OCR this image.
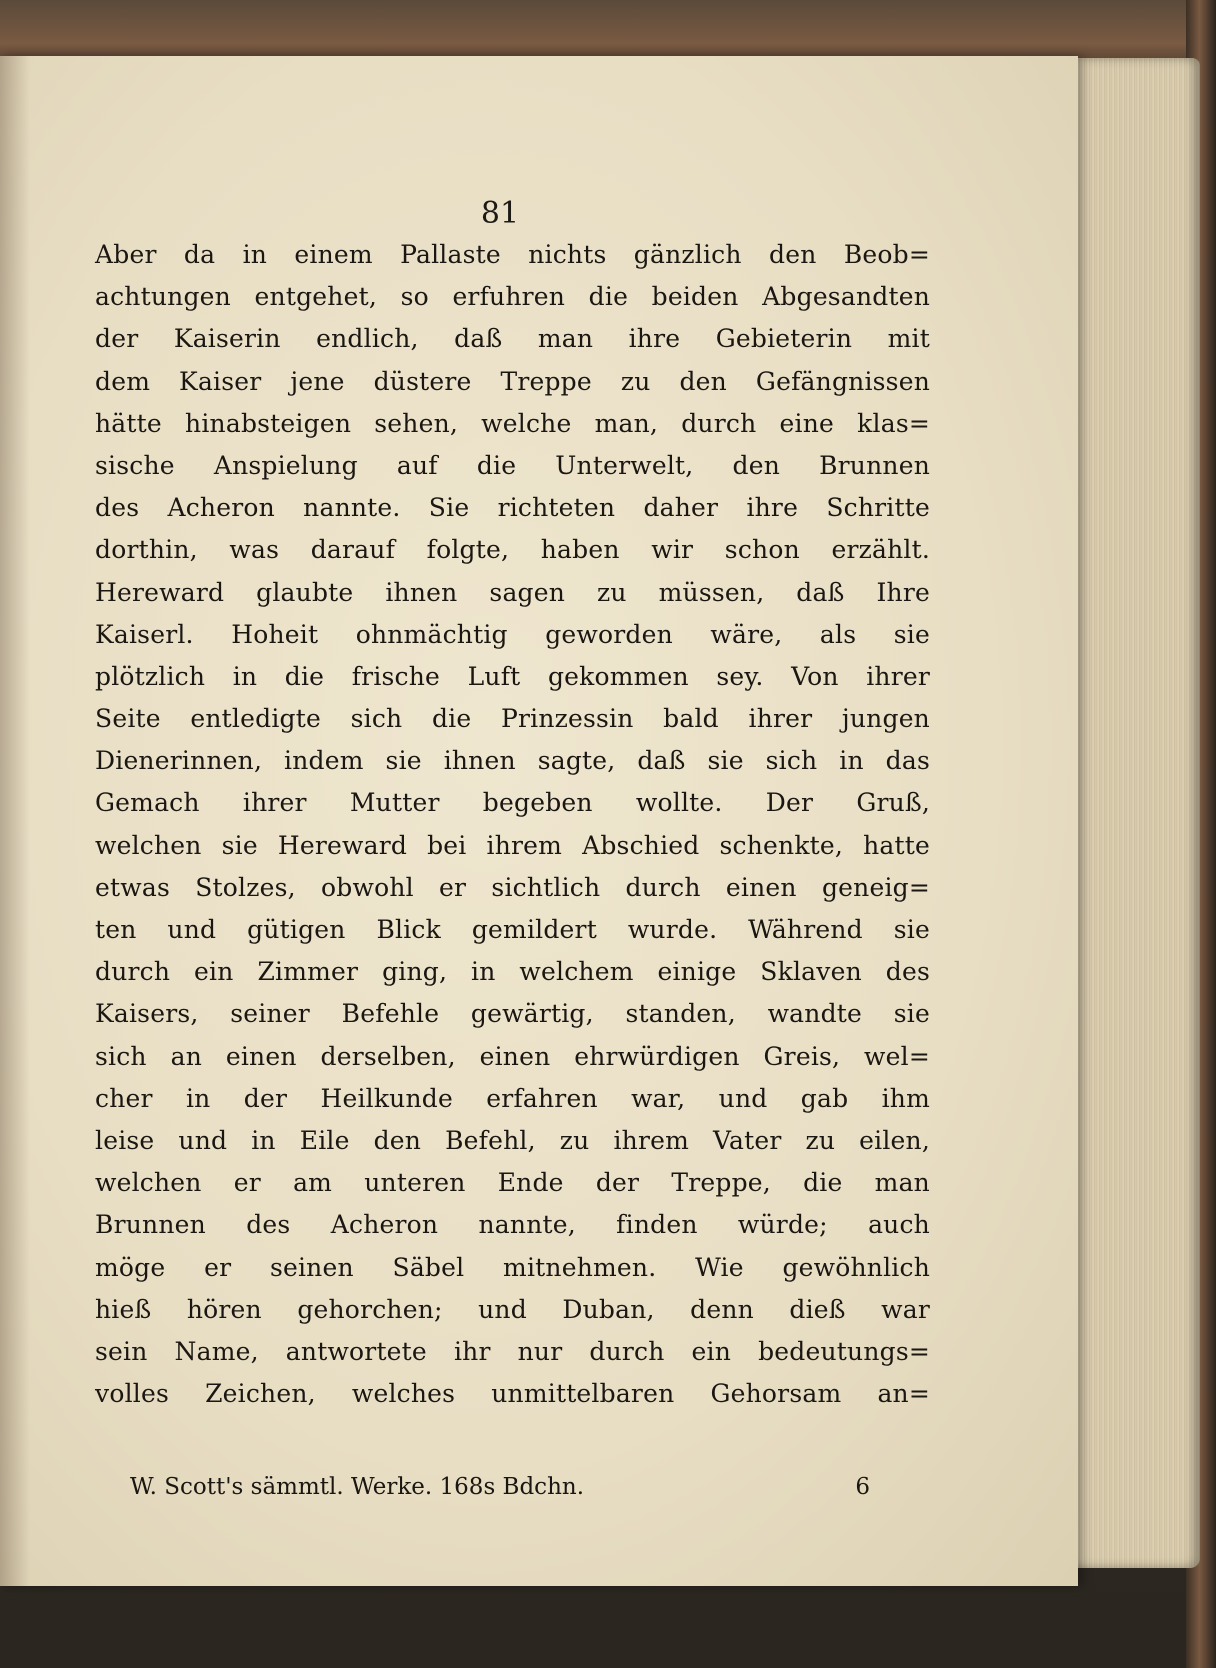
81
Aber da in einem Pallaste nichts gänzlich den Beob=
achtungen entgehet, so erfuhren die beiden Abgesandten
der Kaiserin endlich, daß man ihre Gebieterin mit
dem Kaiser jene düstere Treppe zu den Gefängnissen
hätte hinabsteigen sehen, welche man, durch eine klas=
sische Anspielung auf die Unterwelt, den Brunnen
des Acheron nannte. Sie richteten daher ihre Schritte
dorthin, was darauf folgte, haben wir schon erzählt.
Hereward glaubte ihnen sagen zu müssen, daß Ihre
Kaiserl. Hoheit ohnmächtig geworden wäre, als sie
plötzlich in die frische Luft gekommen sey. Von ihrer
Seite entledigte sich die Prinzessin bald ihrer jungen
Dienerinnen, indem sie ihnen sagte, daß sie sich in das
Gemach ihrer Mutter begeben wollte. Der Gruß,
welchen sie Hereward bei ihrem Abschied schenkte, hatte
etwas Stolzes, obwohl er sichtlich durch einen geneig=
ten und gütigen Blick gemildert wurde. Während sie
durch ein Zimmer ging, in welchem einige Sklaven des
Kaisers, seiner Befehle gewärtig, standen, wandte sie
sich an einen derselben, einen ehrwürdigen Greis, wel=
cher in der Heilkunde erfahren war, und gab ihm
leise und in Eile den Befehl, zu ihrem Vater zu eilen,
welchen er am unteren Ende der Treppe, die man
Brunnen des Acheron nannte, finden würde; auch
möge er seinen Säbel mitnehmen. Wie gewöhnlich
hieß hören gehorchen; und Duban, denn dieß war
sein Name, antwortete ihr nur durch ein bedeutungs=
volles Zeichen, welches unmittelbaren Gehorsam an=
W. Scott's sämmtl. Werke. 168s Bdchn.	6
